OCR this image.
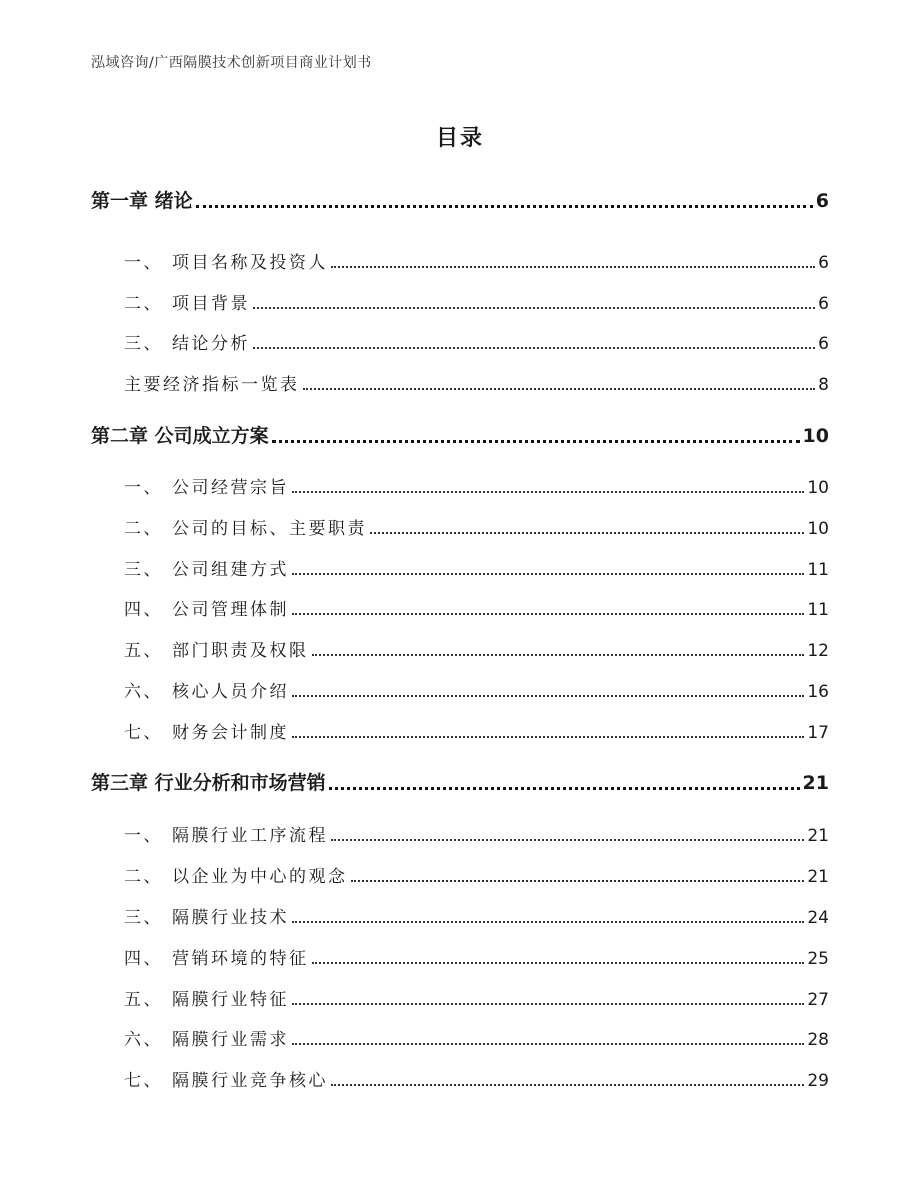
泓域咨询/广西隔膜技术创新项目商业计划书
目录
第一章 绪论	6
一、 项目名称及投资人	6
二、 项目背景	6
三、 结论分析	6
主要经济指标一览表	8
第二章 公司成立方案	10
一、 公司经营宗旨	10
二、 公司的目标、主要职责	10
三、 公司组建方式	11
四、 公司管理体制	11
五、 部门职责及权限	12
六、 核心人员介绍	16
七、 财务会计制度	17
第三章 行业分析和市场营销	21
一、 隔膜行业工序流程	21
二、 以企业为中心的观念	21
三、 隔膜行业技术	24
四、 营销环境的特征	25
五、 隔膜行业特征	27
六、 隔膜行业需求	28
七、 隔膜行业竞争核心	29
